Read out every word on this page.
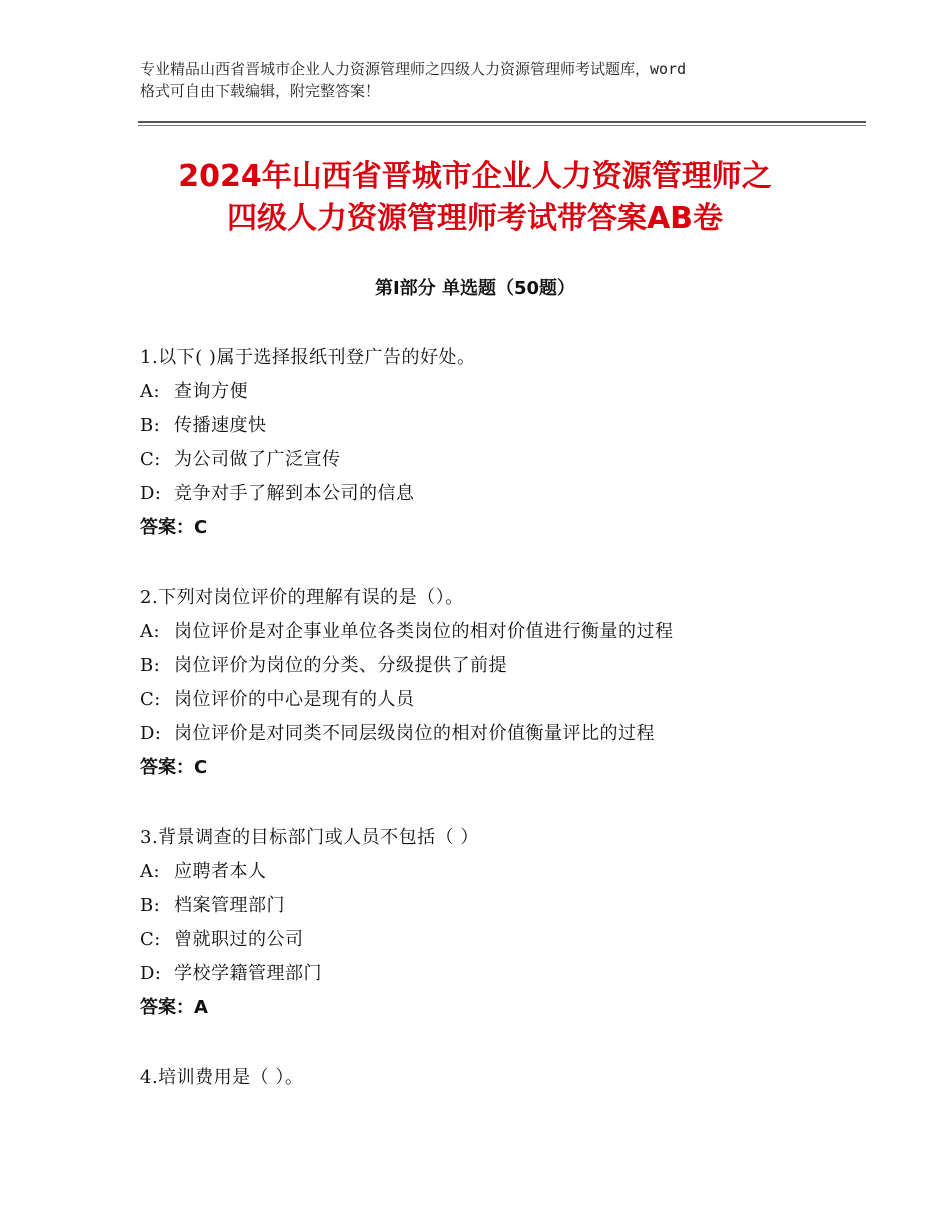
专业精品山西省晋城市企业人力资源管理师之四级人力资源管理师考试题库，word
格式可自由下载编辑，附完整答案！
2024年山西省晋城市企业人力资源管理师之
四级人力资源管理师考试带答案AB卷
第Ⅰ部分 单选题（50题）
1.以下( )属于选择报纸刊登广告的好处。
A: 查询方便
B: 传播速度快
C: 为公司做了广泛宣传
D: 竞争对手了解到本公司的信息
答案：C
2.下列对岗位评价的理解有误的是（）。
A: 岗位评价是对企事业单位各类岗位的相对价值进行衡量的过程
B: 岗位评价为岗位的分类、分级提供了前提
C: 岗位评价的中心是现有的人员
D: 岗位评价是对同类不同层级岗位的相对价值衡量评比的过程
答案：C
3.背景调查的目标部门或人员不包括（ ）
A: 应聘者本人
B: 档案管理部门
C: 曾就职过的公司
D: 学校学籍管理部门
答案：A
4.培训费用是（ ）。
